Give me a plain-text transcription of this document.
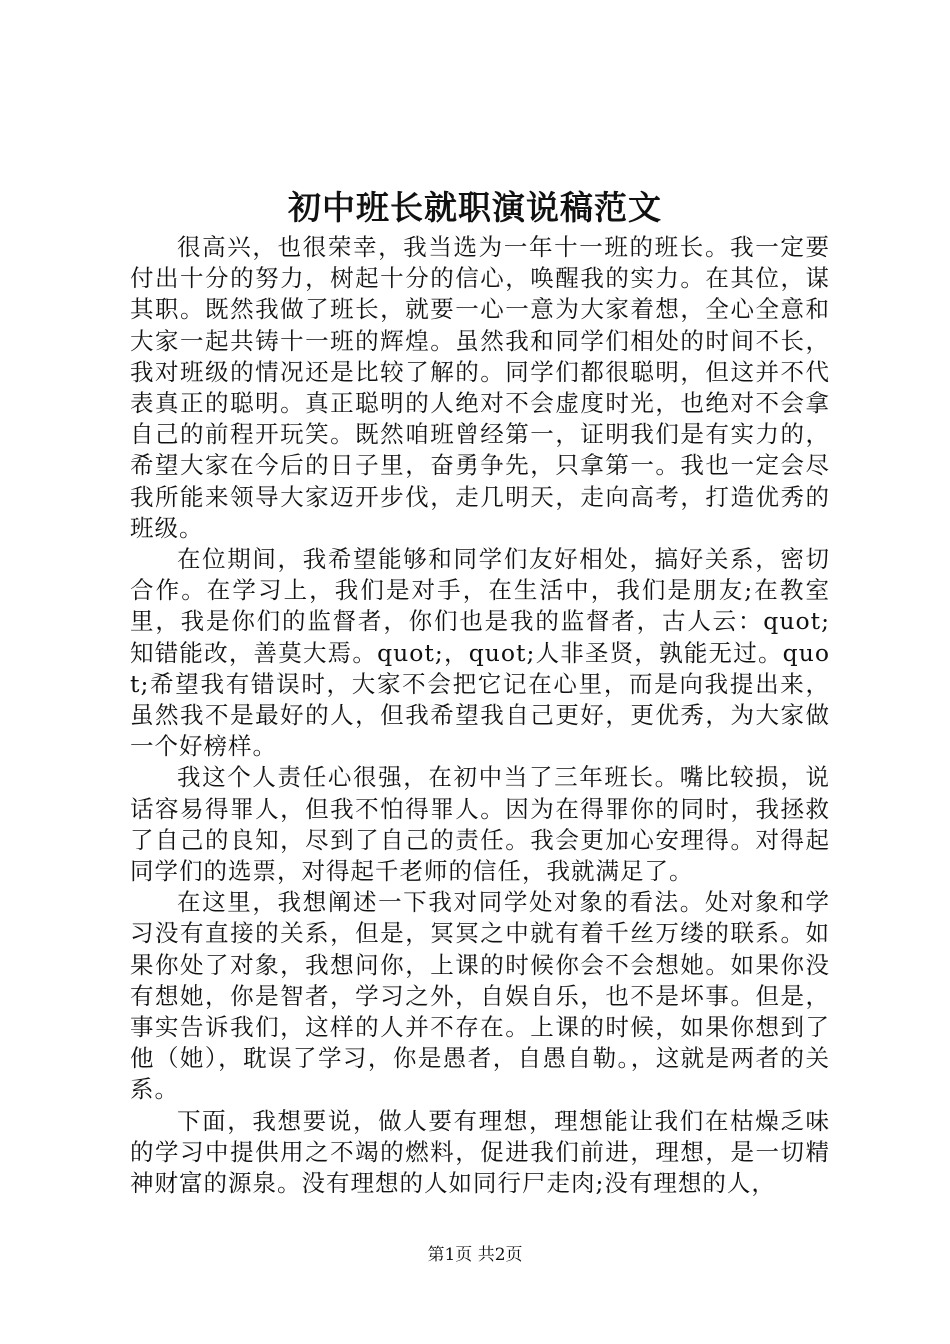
初中班长就职演说稿范文

很高兴，也很荣幸，我当选为一年十一班的班长。我一定要付出十分的努力，树起十分的信心，唤醒我的实力。在其位，谋其职。既然我做了班长，就要一心一意为大家着想，全心全意和大家一起共铸十一班的辉煌。虽然我和同学们相处的时间不长，我对班级的情况还是比较了解的。同学们都很聪明，但这并不代表真正的聪明。真正聪明的人绝对不会虚度时光，也绝对不会拿自己的前程开玩笑。既然咱班曾经第一，证明我们是有实力的，希望大家在今后的日子里，奋勇争先，只拿第一。我也一定会尽我所能来领导大家迈开步伐，走几明天，走向高考，打造优秀的班级。

在位期间，我希望能够和同学们友好相处，搞好关系，密切合作。在学习上，我们是对手，在生活中，我们是朋友;在教室里，我是你们的监督者，你们也是我的监督者，古人云：quot;知错能改，善莫大焉。quot;，quot;人非圣贤，孰能无过。quot;希望我有错误时，大家不会把它记在心里，而是向我提出来，虽然我不是最好的人，但我希望我自己更好，更优秀，为大家做一个好榜样。

我这个人责任心很强，在初中当了三年班长。嘴比较损，说话容易得罪人，但我不怕得罪人。因为在得罪你的同时，我拯救了自己的良知，尽到了自己的责任。我会更加心安理得。对得起同学们的选票，对得起千老师的信任，我就满足了。

在这里，我想阐述一下我对同学处对象的看法。处对象和学习没有直接的关系，但是，冥冥之中就有着千丝万缕的联系。如果你处了对象，我想问你，上课的时候你会不会想她。如果你没有想她，你是智者，学习之外，自娱自乐，也不是坏事。但是，事实告诉我们，这样的人并不存在。上课的时候，如果你想到了他（她），耽误了学习，你是愚者，自愚自勒。，这就是两者的关系。

下面，我想要说，做人要有理想，理想能让我们在枯燥乏味的学习中提供用之不竭的燃料，促进我们前进，理想，是一切精神财富的源泉。没有理想的人如同行尸走肉;没有理想的人，

第1页 共2页
